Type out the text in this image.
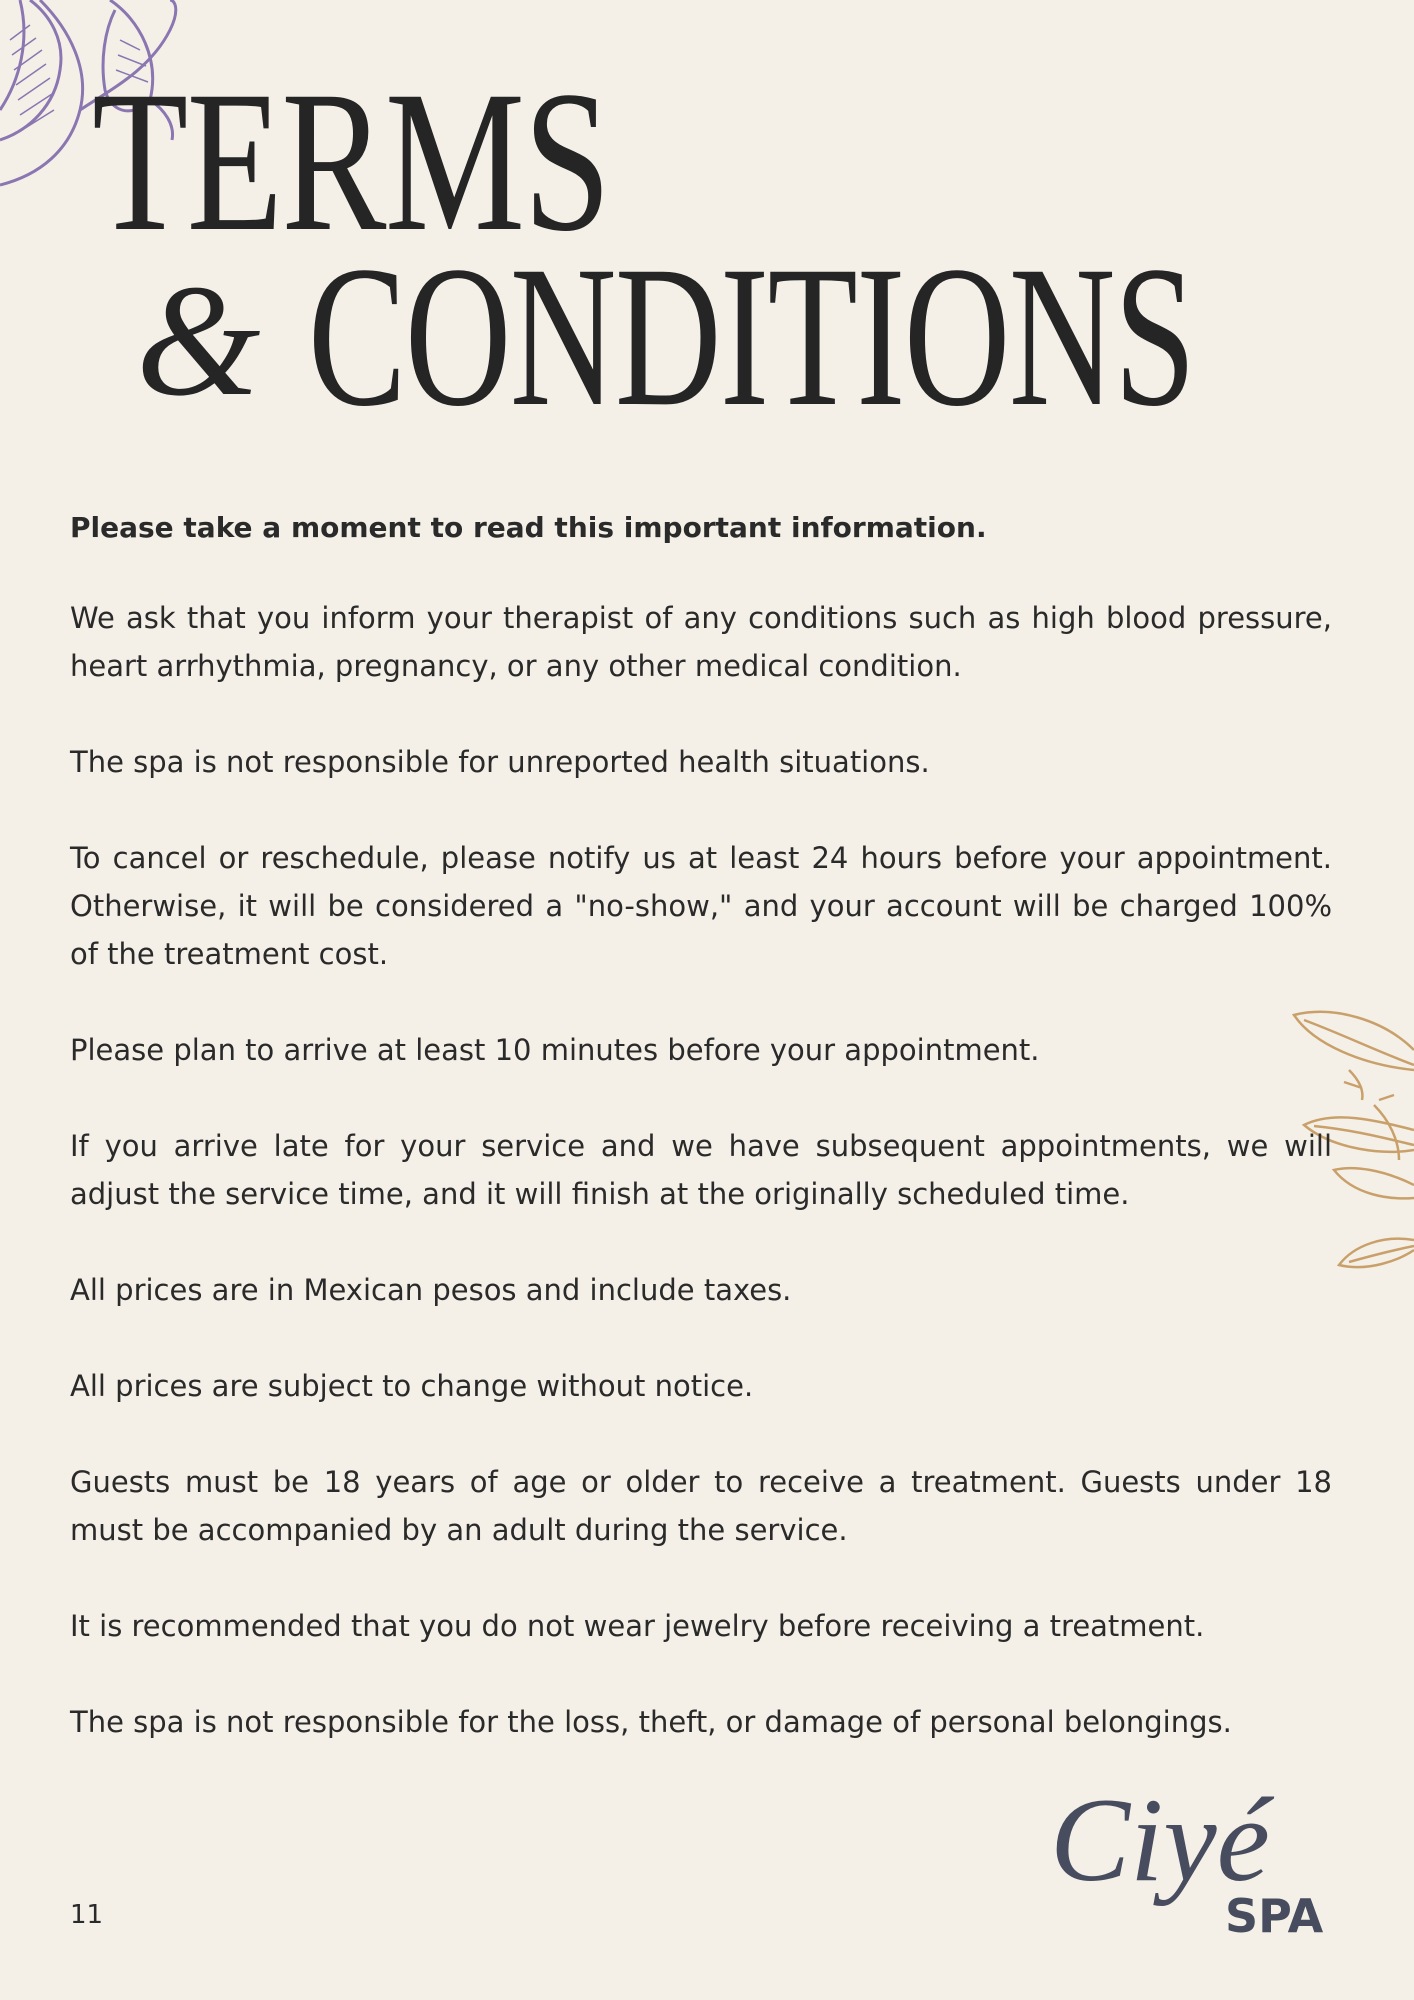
TERMS
& CONDITIONS

Please take a moment to read this important information.

We ask that you inform your therapist of any conditions such as high blood pressure, heart arrhythmia, pregnancy, or any other medical condition.

The spa is not responsible for unreported health situations.

To cancel or reschedule, please notify us at least 24 hours before your appointment. Otherwise, it will be considered a "no-show," and your account will be charged 100% of the treatment cost.

Please plan to arrive at least 10 minutes before your appointment.

If you arrive late for your service and we have subsequent appointments, we will adjust the service time, and it will finish at the originally scheduled time.

All prices are in Mexican pesos and include taxes.

All prices are subject to change without notice.

Guests must be 18 years of age or older to receive a treatment. Guests under 18 must be accompanied by an adult during the service.

It is recommended that you do not wear jewelry before receiving a treatment.

The spa is not responsible for the loss, theft, or damage of personal belongings.

11
Ciyé
SPA
